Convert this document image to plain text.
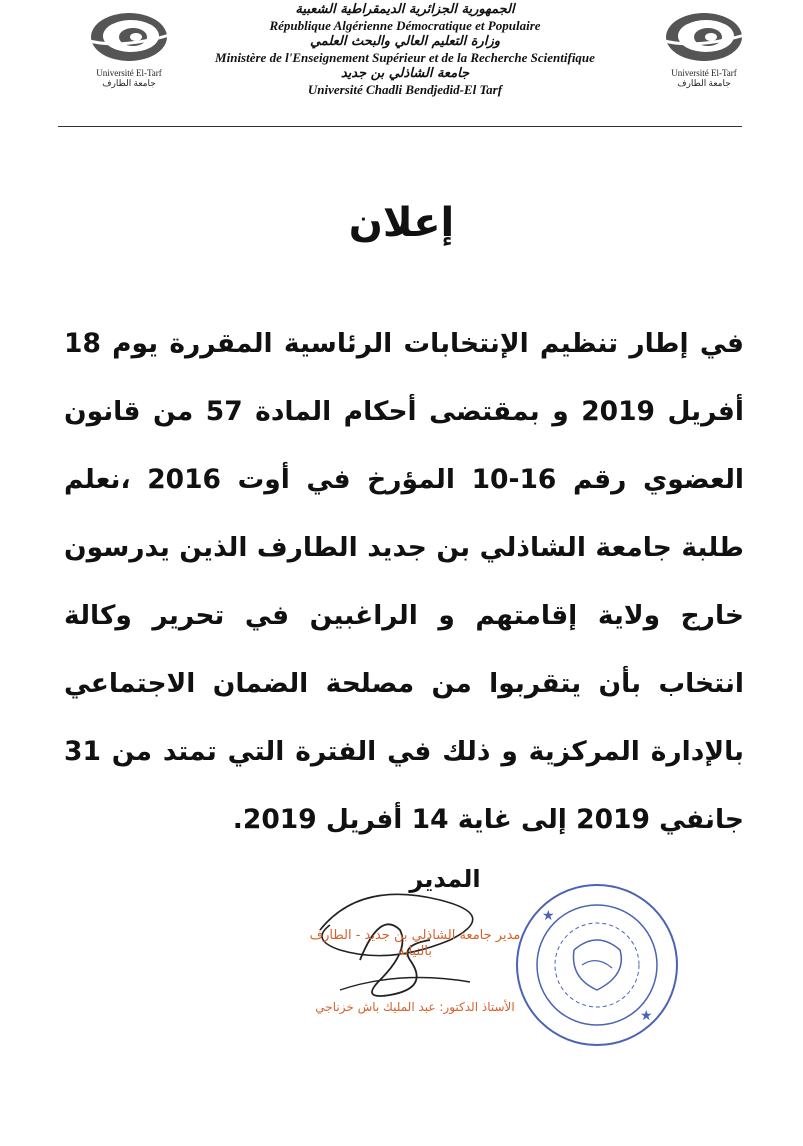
Université El-Tarf
جامعة الطارف
Université El-Tarf
جامعة الطارف
الجمهورية الجزائرية الديمقراطية الشعبية
République Algérienne Démocratique et Populaire
وزارة التعليم العالي والبحث العلمي
Ministère de l'Enseignement Supérieur et de la Recherche Scientifique
جامعة الشاذلي بن جديد
Université Chadli Bendjedid-El Tarf
إعلان
في إطار تنظيم الإنتخابات الرئاسية المقررة يوم 18 أفريل 2019 و بمقتضى أحكام المادة 57 من قانون العضوي رقم 16-10 المؤرخ في أوت 2016 ،نعلم طلبة جامعة الشاذلي بن جديد الطارف الذين يدرسون خارج ولاية إقامتهم و الراغبين في تحرير وكالة انتخاب بأن يتقربوا من مصلحة الضمان الاجتماعي بالإدارة المركزية و ذلك في الفترة التي تمتد من 31 جانفي 2019 إلى غاية 14 أفريل 2019.
المدير
مدير جامعة الشاذلي بن جديد - الطارف
بالنيابة
الأستاذ الدكتور: عبد المليك باش خزناجي
★
★
